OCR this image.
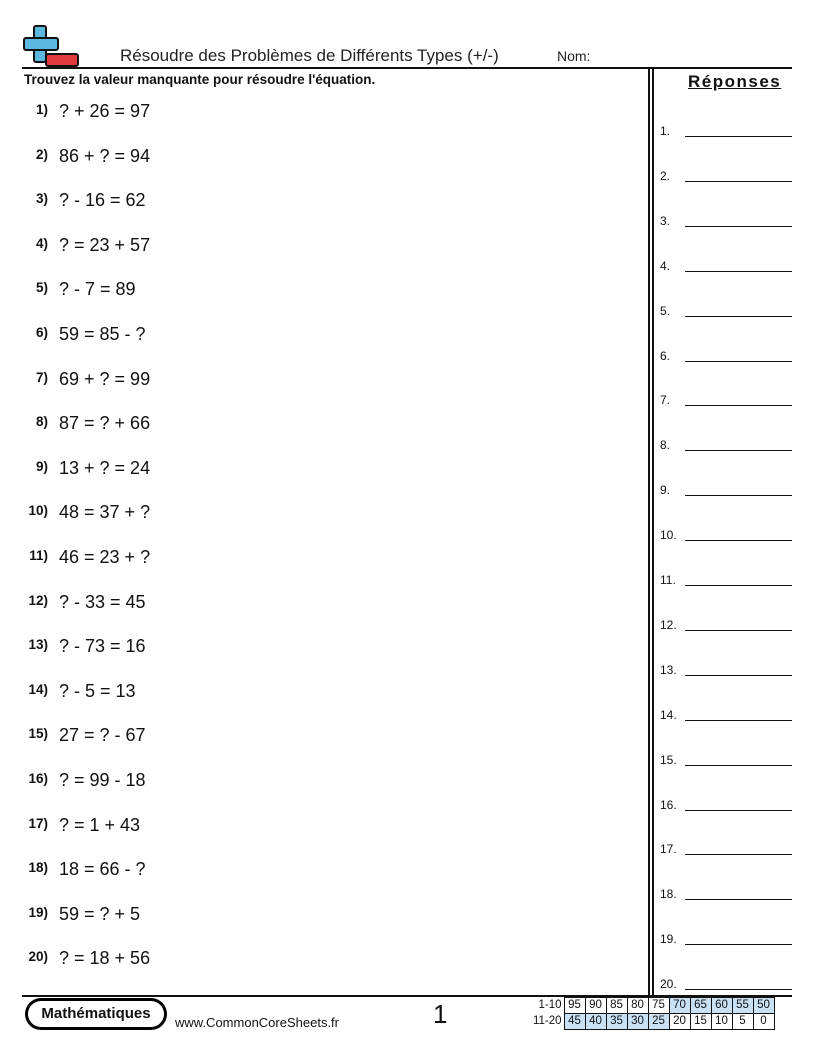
Résoudre des Problèmes de Différents Types (+/-)	Nom:
Trouvez la valeur manquante pour résoudre l'équation.
1) ? + 26 = 97
2) 86 + ? = 94
3) ? - 16 = 62
4) ? = 23 + 57
5) ? - 7 = 89
6) 59 = 85 - ?
7) 69 + ? = 99
8) 87 = ? + 66
9) 13 + ? = 24
10) 48 = 37 + ?
11) 46 = 23 + ?
12) ? - 33 = 45
13) ? - 73 = 16
14) ? - 5 = 13
15) 27 = ? - 67
16) ? = 99 - 18
17) ? = 1 + 43
18) 18 = 66 - ?
19) 59 = ? + 5
20) ? = 18 + 56
Réponses
1.
2.
3.
4.
5.
6.
7.
8.
9.
10.
11.
12.
13.
14.
15.
16.
17.
18.
19.
20.
Mathématiques
www.CommonCoreSheets.fr	1	1-10	95	90	85	80	75	70	65	60	55	50
11-20	45	40	35	30	25	20	15	10	5	0
